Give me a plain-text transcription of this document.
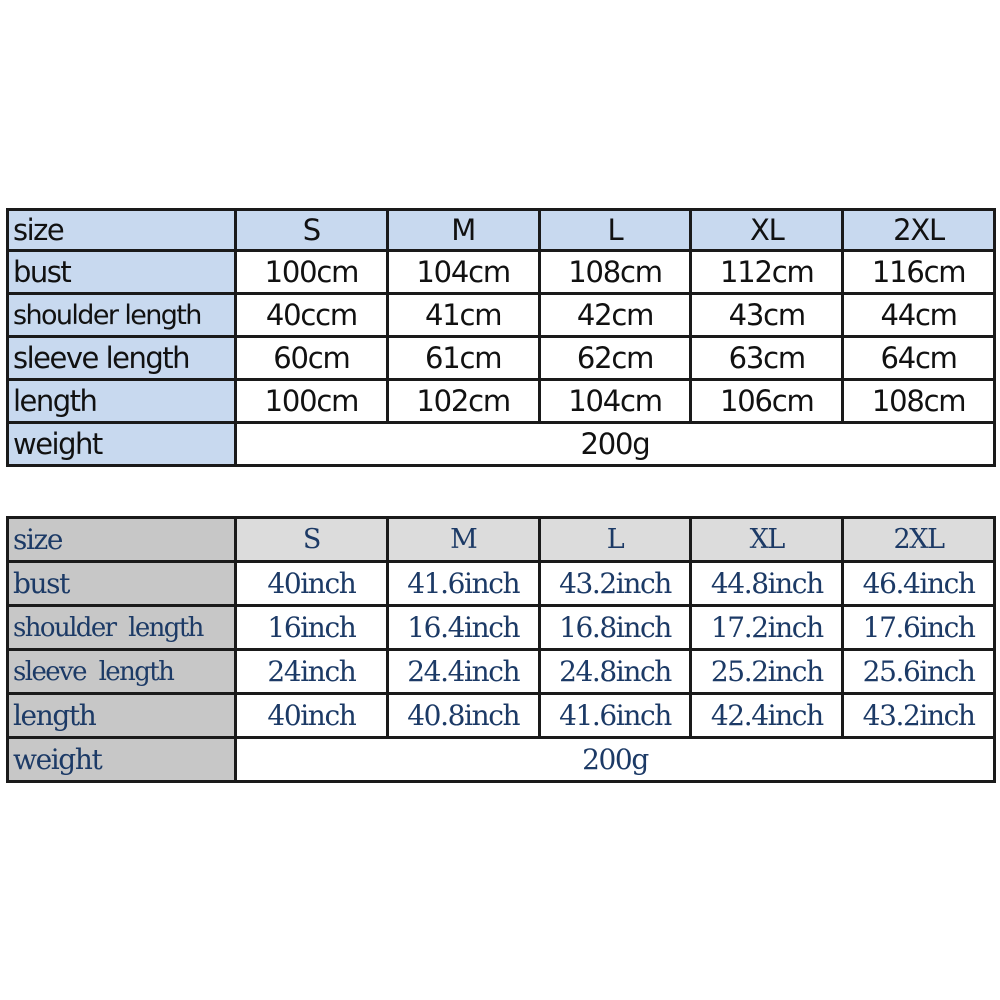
size	S	M	L	XL	2XL
bust	100cm	104cm	108cm	112cm	116cm
shoulder length	40ccm	41cm	42cm	43cm	44cm
sleeve length	60cm	61cm	62cm	63cm	64cm
length	100cm	102cm	104cm	106cm	108cm
weight	200g				
size	S	M	L	XL	2XL
bust	40inch	41.6inch	43.2inch	44.8inch	46.4inch
shoulder length	16inch	16.4inch	16.8inch	17.2inch	17.6inch
sleeve length	24inch	24.4inch	24.8inch	25.2inch	25.6inch
length	40inch	40.8inch	41.6inch	42.4inch	43.2inch
weight	200g				
